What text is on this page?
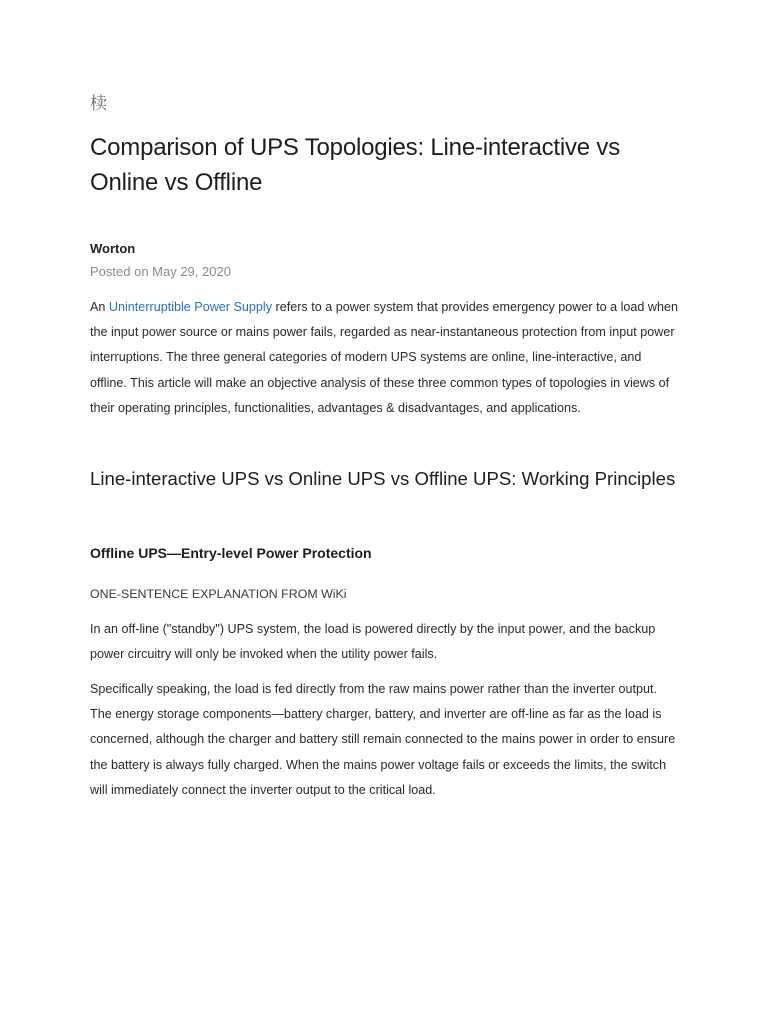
椟
Comparison of UPS Topologies: Line-interactive vs Online vs Offline
Worton
Posted on May 29, 2020

An Uninterruptible Power Supply refers to a power system that provides emergency power to a load when the input power source or mains power fails, regarded as near-instantaneous protection from input power interruptions. The three general categories of modern UPS systems are online, line-interactive, and offline. This article will make an objective analysis of these three common types of topologies in views of their operating principles, functionalities, advantages & disadvantages, and applications.

Line-interactive UPS vs Online UPS vs Offline UPS: Working Principles
Offline UPS—Entry-level Power Protection
ONE-SENTENCE EXPLANATION FROM WiKi

In an off-line ("standby") UPS system, the load is powered directly by the input power, and the backup power circuitry will only be invoked when the utility power fails.

Specifically speaking, the load is fed directly from the raw mains power rather than the inverter output. The energy storage components—battery charger, battery, and inverter are off-line as far as the load is concerned, although the charger and battery still remain connected to the mains power in order to ensure the battery is always fully charged. When the mains power voltage fails or exceeds the limits, the switch will immediately connect the inverter output to the critical load.
